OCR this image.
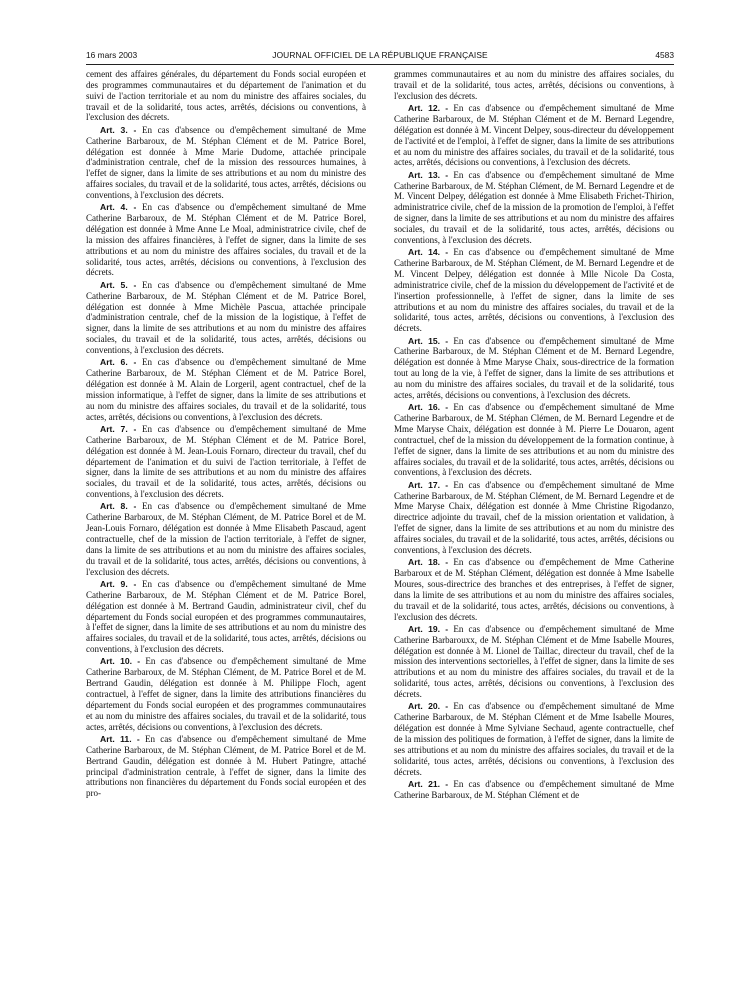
16 mars 2003	JOURNAL OFFICIEL DE LA RÉPUBLIQUE FRANÇAISE	4583

cement des affaires générales, du département du Fonds social européen et des programmes communautaires et du département de l'animation et du suivi de l'action territoriale et au nom du ministre des affaires sociales, du travail et de la solidarité, tous actes, arrêtés, décisions ou conventions, à l'exclusion des décrets.

Art. 3. - En cas d'absence ou d'empêchement simultané de Mme Catherine Barbaroux, de M. Stéphan Clément et de M. Patrice Borel, délégation est donnée à Mme Marie Dudome, attachée principale d'administration centrale, chef de la mission des ressources humaines, à l'effet de signer, dans la limite de ses attributions et au nom du ministre des affaires sociales, du travail et de la solidarité, tous actes, arrêtés, décisions ou conventions, à l'exclusion des décrets.

Art. 4. - En cas d'absence ou d'empêchement simultané de Mme Catherine Barbaroux, de M. Stéphan Clément et de M. Patrice Borel, délégation est donnée à Mme Anne Le Moal, administratrice civile, chef de la mission des affaires financières, à l'effet de signer, dans la limite de ses attributions et au nom du ministre des affaires sociales, du travail et de la solidarité, tous actes, arrêtés, décisions ou conventions, à l'exclusion des décrets.

Art. 5. - En cas d'absence ou d'empêchement simultané de Mme Catherine Barbaroux, de M. Stéphan Clément et de M. Patrice Borel, délégation est donnée à Mme Michèle Pascua, attachée principale d'administration centrale, chef de la mission de la logistique, à l'effet de signer, dans la limite de ses attributions et au nom du ministre des affaires sociales, du travail et de la solidarité, tous actes, arrêtés, décisions ou conventions, à l'exclusion des décrets.

Art. 6. - En cas d'absence ou d'empêchement simultané de Mme Catherine Barbaroux, de M. Stéphan Clément et de M. Patrice Borel, délégation est donnée à M. Alain de Lorgeril, agent contractuel, chef de la mission informatique, à l'effet de signer, dans la limite de ses attributions et au nom du ministre des affaires sociales, du travail et de la solidarité, tous actes, arrêtés, décisions ou conventions, à l'exclusion des décrets.

Art. 7. - En cas d'absence ou d'empêchement simultané de Mme Catherine Barbaroux, de M. Stéphan Clément et de M. Patrice Borel, délégation est donnée à M. Jean-Louis Fornaro, directeur du travail, chef du département de l'animation et du suivi de l'action territoriale, à l'effet de signer, dans la limite de ses attributions et au nom du ministre des affaires sociales, du travail et de la solidarité, tous actes, arrêtés, décisions ou conventions, à l'exclusion des décrets.

Art. 8. - En cas d'absence ou d'empêchement simultané de Mme Catherine Barbaroux, de M. Stéphan Clément, de M. Patrice Borel et de M. Jean-Louis Fornaro, délégation est donnée à Mme Elisabeth Pascaud, agent contractuelle, chef de la mission de l'action territoriale, à l'effet de signer, dans la limite de ses attributions et au nom du ministre des affaires sociales, du travail et de la solidarité, tous actes, arrêtés, décisions ou conventions, à l'exclusion des décrets.

Art. 9. - En cas d'absence ou d'empêchement simultané de Mme Catherine Barbaroux, de M. Stéphan Clément et de M. Patrice Borel, délégation est donnée à M. Bertrand Gaudin, administrateur civil, chef du département du Fonds social européen et des programmes communautaires, à l'effet de signer, dans la limite de ses attributions et au nom du ministre des affaires sociales, du travail et de la solidarité, tous actes, arrêtés, décisions ou conventions, à l'exclusion des décrets.

Art. 10. - En cas d'absence ou d'empêchement simultané de Mme Catherine Barbaroux, de M. Stéphan Clément, de M. Patrice Borel et de M. Bertrand Gaudin, délégation est donnée à M. Philippe Floch, agent contractuel, à l'effet de signer, dans la limite des attributions financières du département du Fonds social européen et des programmes communautaires et au nom du ministre des affaires sociales, du travail et de la solidarité, tous actes, arrêtés, décisions ou conventions, à l'exclusion des décrets.

Art. 11. - En cas d'absence ou d'empêchement simultané de Mme Catherine Barbaroux, de M. Stéphan Clément, de M. Patrice Borel et de M. Bertrand Gaudin, délégation est donnée à M. Hubert Patingre, attaché principal d'administration centrale, à l'effet de signer, dans la limite des attributions non financières du département du Fonds social européen et des pro-

grammes communautaires et au nom du ministre des affaires sociales, du travail et de la solidarité, tous actes, arrêtés, décisions ou conventions, à l'exclusion des décrets.

Art. 12. - En cas d'absence ou d'empêchement simultané de Mme Catherine Barbaroux, de M. Stéphan Clément et de M. Bernard Legendre, délégation est donnée à M. Vincent Delpey, sous-directeur du développement de l'activité et de l'emploi, à l'effet de signer, dans la limite de ses attributions et au nom du ministre des affaires sociales, du travail et de la solidarité, tous actes, arrêtés, décisions ou conventions, à l'exclusion des décrets.

Art. 13. - En cas d'absence ou d'empêchement simultané de Mme Catherine Barbaroux, de M. Stéphan Clément, de M. Bernard Legendre et de M. Vincent Delpey, délégation est donnée à Mme Elisabeth Frichet-Thirion, administratrice civile, chef de la mission de la promotion de l'emploi, à l'effet de signer, dans la limite de ses attributions et au nom du ministre des affaires sociales, du travail et de la solidarité, tous actes, arrêtés, décisions ou conventions, à l'exclusion des décrets.

Art. 14. - En cas d'absence ou d'empêchement simultané de Mme Catherine Barbaroux, de M. Stéphan Clément, de M. Bernard Legendre et de M. Vincent Delpey, délégation est donnée à Mlle Nicole Da Costa, administratrice civile, chef de la mission du développement de l'activité et de l'insertion professionnelle, à l'effet de signer, dans la limite de ses attributions et au nom du ministre des affaires sociales, du travail et de la solidarité, tous actes, arrêtés, décisions ou conventions, à l'exclusion des décrets.

Art. 15. - En cas d'absence ou d'empêchement simultané de Mme Catherine Barbaroux, de M. Stéphan Clément et de M. Bernard Legendre, délégation est donnée à Mme Maryse Chaix, sous-directrice de la formation tout au long de la vie, à l'effet de signer, dans la limite de ses attributions et au nom du ministre des affaires sociales, du travail et de la solidarité, tous actes, arrêtés, décisions ou conventions, à l'exclusion des décrets.

Art. 16. - En cas d'absence ou d'empêchement simultané de Mme Catherine Barbaroux, de M. Stéphan Clémen, de M. Bernard Legendre et de Mme Maryse Chaix, délégation est donnée à M. Pierre Le Douaron, agent contractuel, chef de la mission du développement de la formation continue, à l'effet de signer, dans la limite de ses attributions et au nom du ministre des affaires sociales, du travail et de la solidarité, tous actes, arrêtés, décisions ou conventions, à l'exclusion des décrets.

Art. 17. - En cas d'absence ou d'empêchement simultané de Mme Catherine Barbaroux, de M. Stéphan Clément, de M. Bernard Legendre et de Mme Maryse Chaix, délégation est donnée à Mme Christine Rigodanzo, directrice adjointe du travail, chef de la mission orientation et validation, à l'effet de signer, dans la limite de ses attributions et au nom du ministre des affaires sociales, du travail et de la solidarité, tous actes, arrêtés, décisions ou conventions, à l'exclusion des décrets.

Art. 18. - En cas d'absence ou d'empêchement de Mme Catherine Barbaroux et de M. Stéphan Clément, délégation est donnée à Mme Isabelle Moures, sous-directrice des branches et des entreprises, à l'effet de signer, dans la limite de ses attributions et au nom du ministre des affaires sociales, du travail et de la solidarité, tous actes, arrêtés, décisions ou conventions, à l'exclusion des décrets.

Art. 19. - En cas d'absence ou d'empêchement simultané de Mme Catherine Barbarouxx, de M. Stéphan Clément et de Mme Isabelle Moures, délégation est donnée à M. Lionel de Taillac, directeur du travail, chef de la mission des interventions sectorielles, à l'effet de signer, dans la limite de ses attributions et au nom du ministre des affaires sociales, du travail et de la solidarité, tous actes, arrêtés, décisions ou conventions, à l'exclusion des décrets.

Art. 20. - En cas d'absence ou d'empêchement simultané de Mme Catherine Barbaroux, de M. Stéphan Clément et de Mme Isabelle Moures, délégation est donnée à Mme Sylviane Sechaud, agente contractuelle, chef de la mission des politiques de formation, à l'effet de signer, dans la limite de ses attributions et au nom du ministre des affaires sociales, du travail et de la solidarité, tous actes, arrêtés, décisions ou conventions, à l'exclusion des décrets.

Art. 21. - En cas d'absence ou d'empêchement simultané de Mme Catherine Barbaroux, de M. Stéphan Clément et de
